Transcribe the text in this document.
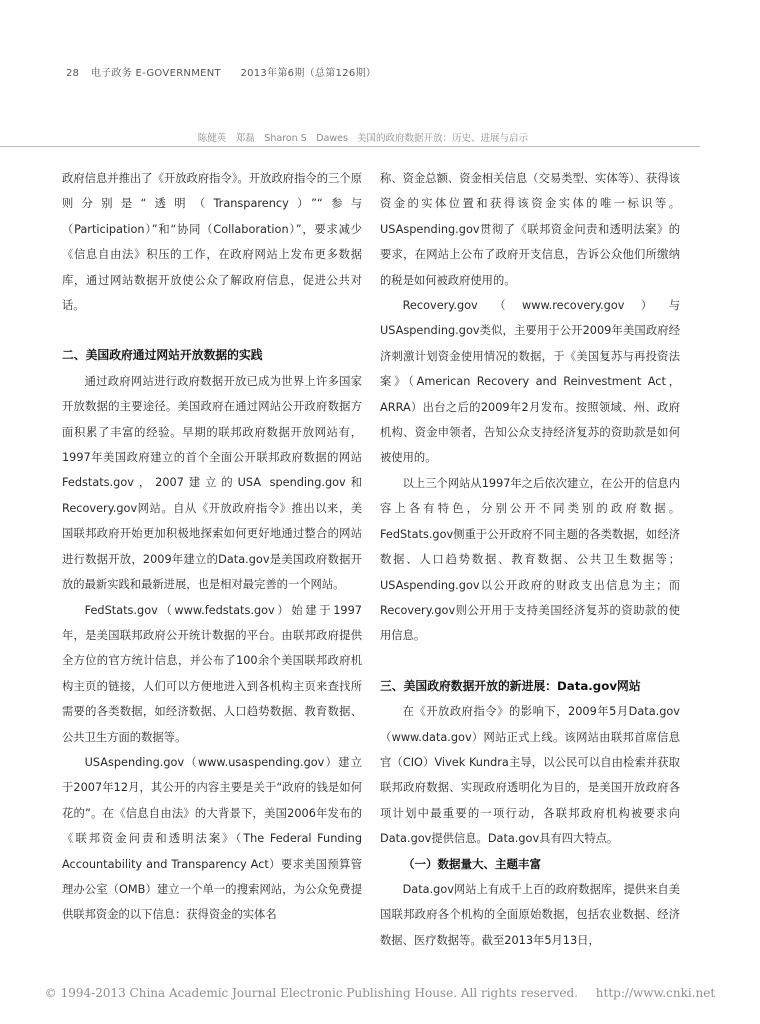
28 电子政务 E-GOVERNMENT 2013年第6期（总第126期）
陈健英　郑磊　Sharon S　Dawes 美国的政府数据开放：历史、进展与启示

政府信息并推出了《开放政府指令》。开放政府指令的三个原则分别是“透明（Transparency）”“参与（Participation）”和“协同（Collaboration）”，要求减少《信息自由法》积压的工作，在政府网站上发布更多数据库，通过网站数据开放使公众了解政府信息，促进公共对话。

二、美国政府通过网站开放数据的实践

通过政府网站进行政府数据开放已成为世界上许多国家开放数据的主要途径。美国政府在通过网站公开政府数据方面积累了丰富的经验。早期的联邦政府数据开放网站有，1997年美国政府建立的首个全面公开联邦政府数据的网站Fedstats.gov，2007建立的USA spending.gov和Recovery.gov网站。自从《开放政府指令》推出以来，美国联邦政府开始更加积极地探索如何更好地通过整合的网站进行数据开放，2009年建立的Data.gov是美国政府数据开放的最新实践和最新进展，也是相对最完善的一个网站。

FedStats.gov（www.fedstats.gov）始建于1997年，是美国联邦政府公开统计数据的平台。由联邦政府提供全方位的官方统计信息，并公布了100余个美国联邦政府机构主页的链接，人们可以方便地进入到各机构主页来查找所需要的各类数据，如经济数据、人口趋势数据、教育数据、公共卫生方面的数据等。

USAspending.gov（www.usaspending.gov）建立于2007年12月，其公开的内容主要是关于“政府的钱是如何花的”。在《信息自由法》的大背景下，美国2006年发布的《联邦资金问责和透明法案》（The Federal Funding Accountability and Transparency Act）要求美国预算管理办公室（OMB）建立一个单一的搜索网站，为公众免费提供联邦资金的以下信息：获得资金的实体名

称、资金总额、资金相关信息（交易类型、实体等）、获得该资金的实体位置和获得该资金实体的唯一标识等。USAspending.gov贯彻了《联邦资金问责和透明法案》的要求，在网站上公布了政府开支信息，告诉公众他们所缴纳的税是如何被政府使用的。

Recovery.gov（www.recovery.gov）与USAspending.gov类似，主要用于公开2009年美国政府经济刺激计划资金使用情况的数据，于《美国复苏与再投资法案》（American Recovery and Reinvestment Act，ARRA）出台之后的2009年2月发布。按照领域、州、政府机构、资金申领者，告知公众支持经济复苏的资助款是如何被使用的。

以上三个网站从1997年之后依次建立，在公开的信息内容上各有特色，分别公开不同类别的政府数据。FedStats.gov侧重于公开政府不同主题的各类数据，如经济数据、人口趋势数据、教育数据、公共卫生数据等；USAspending.gov以公开政府的财政支出信息为主；而Recovery.gov则公开用于支持美国经济复苏的资助款的使用信息。

三、美国政府数据开放的新进展：Data.gov网站

在《开放政府指令》的影响下，2009年5月Data.gov（www.data.gov）网站正式上线。该网站由联邦首席信息官（CIO）Vivek Kundra主导，以公民可以自由检索并获取联邦政府数据、实现政府透明化为目的，是美国开放政府各项计划中最重要的一项行动，各联邦政府机构被要求向Data.gov提供信息。Data.gov具有四大特点。

（一）数据量大、主题丰富

Data.gov网站上有成千上百的政府数据库，提供来自美国联邦政府各个机构的全面原始数据，包括农业数据、经济数据、医疗数据等。截至2013年5月13日，

© 1994-2013 China Academic Journal Electronic Publishing House. All rights reserved. http://www.cnki.net
